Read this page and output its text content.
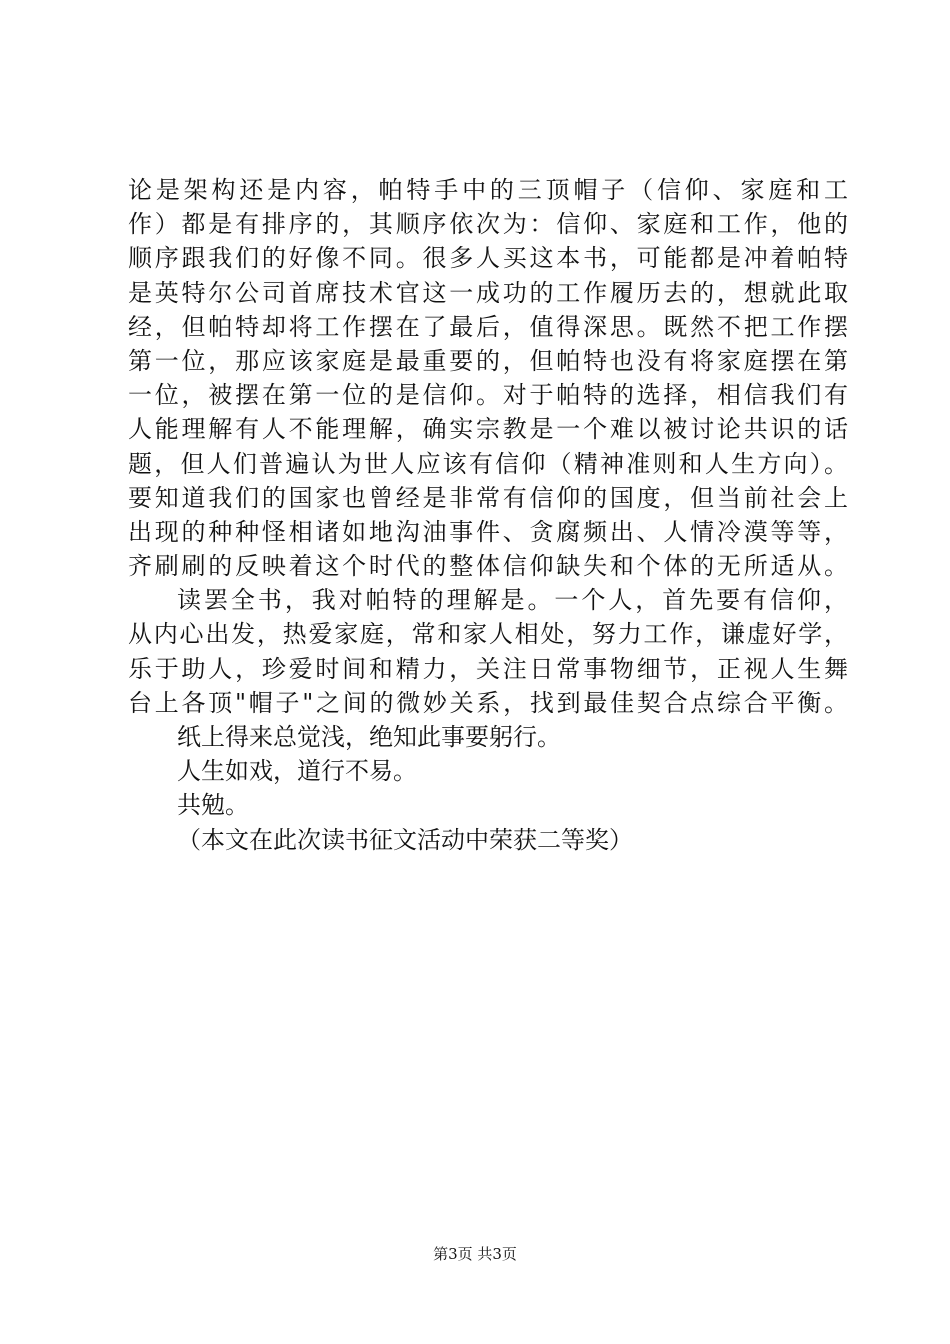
论是架构还是内容，帕特手中的三顶帽子（信仰、家庭和工
作）都是有排序的，其顺序依次为：信仰、家庭和工作，他的
顺序跟我们的好像不同。很多人买这本书，可能都是冲着帕特
是英特尔公司首席技术官这一成功的工作履历去的，想就此取
经，但帕特却将工作摆在了最后，值得深思。既然不把工作摆
第一位，那应该家庭是最重要的，但帕特也没有将家庭摆在第
一位，被摆在第一位的是信仰。对于帕特的选择，相信我们有
人能理解有人不能理解，确实宗教是一个难以被讨论共识的话
题，但人们普遍认为世人应该有信仰（精神准则和人生方向）。
要知道我们的国家也曾经是非常有信仰的国度，但当前社会上
出现的种种怪相诸如地沟油事件、贪腐频出、人情冷漠等等，
齐刷刷的反映着这个时代的整体信仰缺失和个体的无所适从。
读罢全书，我对帕特的理解是。一个人，首先要有信仰，
从内心出发，热爱家庭，常和家人相处，努力工作，谦虚好学，
乐于助人，珍爱时间和精力，关注日常事物细节，正视人生舞
台上各顶"帽子"之间的微妙关系，找到最佳契合点综合平衡。
纸上得来总觉浅，绝知此事要躬行。
人生如戏，道行不易。
共勉。
（本文在此次读书征文活动中荣获二等奖）
第3页 共3页
